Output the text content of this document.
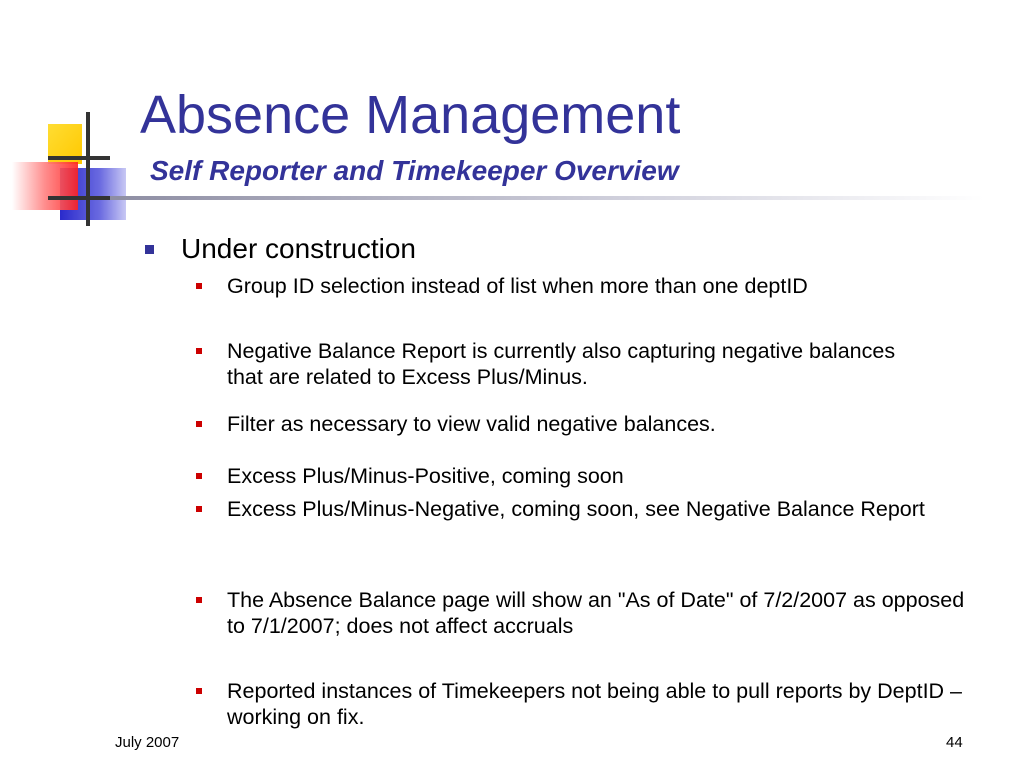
Absence Management
Self Reporter and Timekeeper Overview
Under construction
Group ID selection instead of list when more than one deptID
Negative Balance Report is currently also capturing negative balances that are related to Excess Plus/Minus.
Filter as necessary to view valid negative balances.
Excess Plus/Minus-Positive, coming soon
Excess Plus/Minus-Negative, coming soon, see Negative Balance Report
The Absence Balance page will show an "As of Date" of 7/2/2007 as opposed to 7/1/2007; does not affect accruals
Reported instances of Timekeepers not being able to pull reports by DeptID – working on fix.
July 2007	44
